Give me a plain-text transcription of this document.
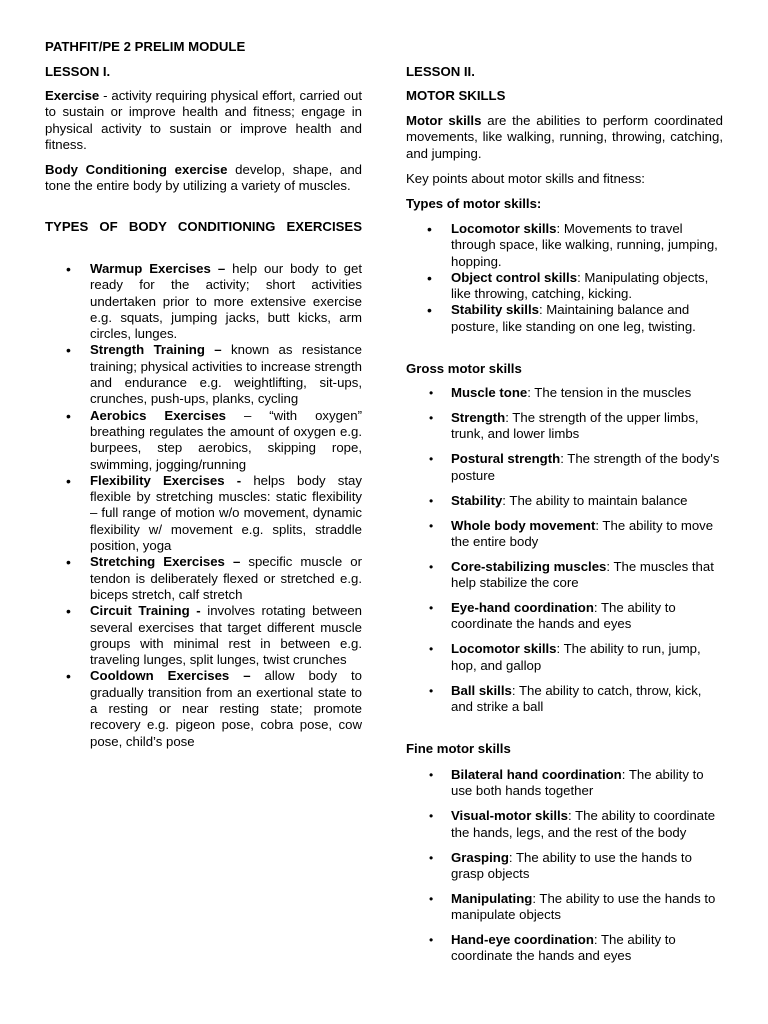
PATHFIT/PE 2 PRELIM MODULE

LESSON I.

Exercise - activity requiring physical effort, carried out to sustain or improve health and fitness; engage in physical activity to sustain or improve health and fitness.

Body Conditioning exercise develop, shape, and tone the entire body by utilizing a variety of muscles.

TYPES OF BODY CONDITIONING EXERCISES

• Warmup Exercises – help our body to get ready for the activity; short activities undertaken prior to more extensive exercise e.g. squats, jumping jacks, butt kicks, arm circles, lunges.
• Strength Training – known as resistance training; physical activities to increase strength and endurance e.g. weightlifting, sit-ups, crunches, push-ups, planks, cycling
• Aerobics Exercises – “with oxygen” breathing regulates the amount of oxygen e.g. burpees, step aerobics, skipping rope, swimming, jogging/running
• Flexibility Exercises - helps body stay flexible by stretching muscles: static flexibility – full range of motion w/o movement, dynamic flexibility w/ movement e.g. splits, straddle position, yoga
• Stretching Exercises – specific muscle or tendon is deliberately flexed or stretched e.g. biceps stretch, calf stretch
• Circuit Training - involves rotating between several exercises that target different muscle groups with minimal rest in between e.g. traveling lunges, split lunges, twist crunches
• Cooldown Exercises – allow body to gradually transition from an exertional state to a resting or near resting state; promote recovery e.g. pigeon pose, cobra pose, cow pose, child’s pose

LESSON II.

MOTOR SKILLS

Motor skills are the abilities to perform coordinated movements, like walking, running, throwing, catching, and jumping.

Key points about motor skills and fitness:

Types of motor skills:

• Locomotor skills: Movements to travel through space, like walking, running, jumping, hopping.
• Object control skills: Manipulating objects, like throwing, catching, kicking.
• Stability skills: Maintaining balance and posture, like standing on one leg, twisting.

Gross motor skills

• Muscle tone: The tension in the muscles
• Strength: The strength of the upper limbs, trunk, and lower limbs
• Postural strength: The strength of the body's posture
• Stability: The ability to maintain balance
• Whole body movement: The ability to move the entire body
• Core-stabilizing muscles: The muscles that help stabilize the core
• Eye-hand coordination: The ability to coordinate the hands and eyes
• Locomotor skills: The ability to run, jump, hop, and gallop
• Ball skills: The ability to catch, throw, kick, and strike a ball

Fine motor skills

• Bilateral hand coordination: The ability to use both hands together
• Visual-motor skills: The ability to coordinate the hands, legs, and the rest of the body
• Grasping: The ability to use the hands to grasp objects
• Manipulating: The ability to use the hands to manipulate objects
• Hand-eye coordination: The ability to coordinate the hands and eyes
